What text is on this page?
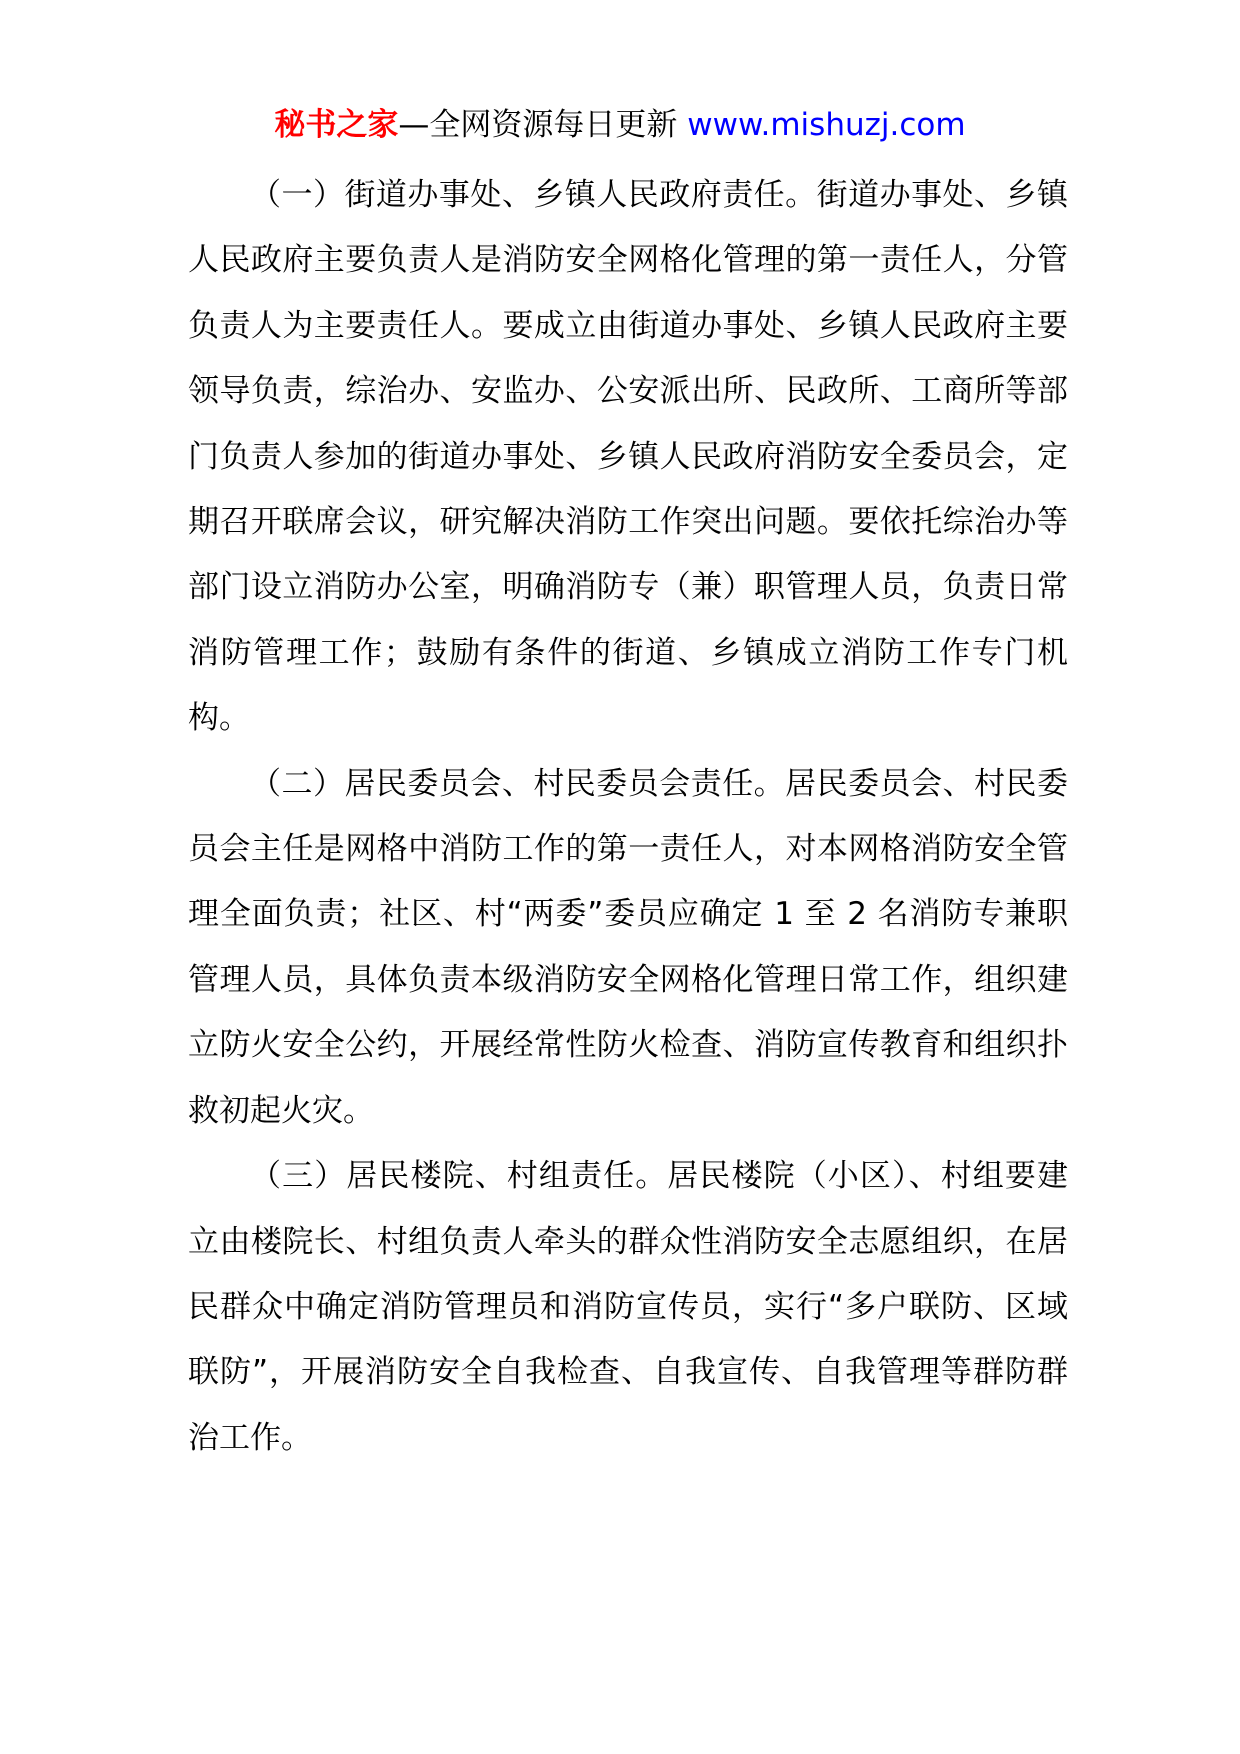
秘书之家—全网资源每日更新 www.mishuzj.com

（一）街道办事处、乡镇人民政府责任。街道办事处、乡镇人民政府主要负责人是消防安全网格化管理的第一责任人，分管负责人为主要责任人。要成立由街道办事处、乡镇人民政府主要领导负责，综治办、安监办、公安派出所、民政所、工商所等部门负责人参加的街道办事处、乡镇人民政府消防安全委员会，定期召开联席会议，研究解决消防工作突出问题。要依托综治办等部门设立消防办公室，明确消防专（兼）职管理人员，负责日常消防管理工作；鼓励有条件的街道、乡镇成立消防工作专门机构。

（二）居民委员会、村民委员会责任。居民委员会、村民委员会主任是网格中消防工作的第一责任人，对本网格消防安全管理全面负责；社区、村“两委”委员应确定 1 至 2 名消防专兼职管理人员，具体负责本级消防安全网格化管理日常工作，组织建立防火安全公约，开展经常性防火检查、消防宣传教育和组织扑救初起火灾。

（三）居民楼院、村组责任。居民楼院（小区）、村组要建立由楼院长、村组负责人牵头的群众性消防安全志愿组织，在居民群众中确定消防管理员和消防宣传员，实行“多户联防、区域联防”，开展消防安全自我检查、自我宣传、自我管理等群防群治工作。
